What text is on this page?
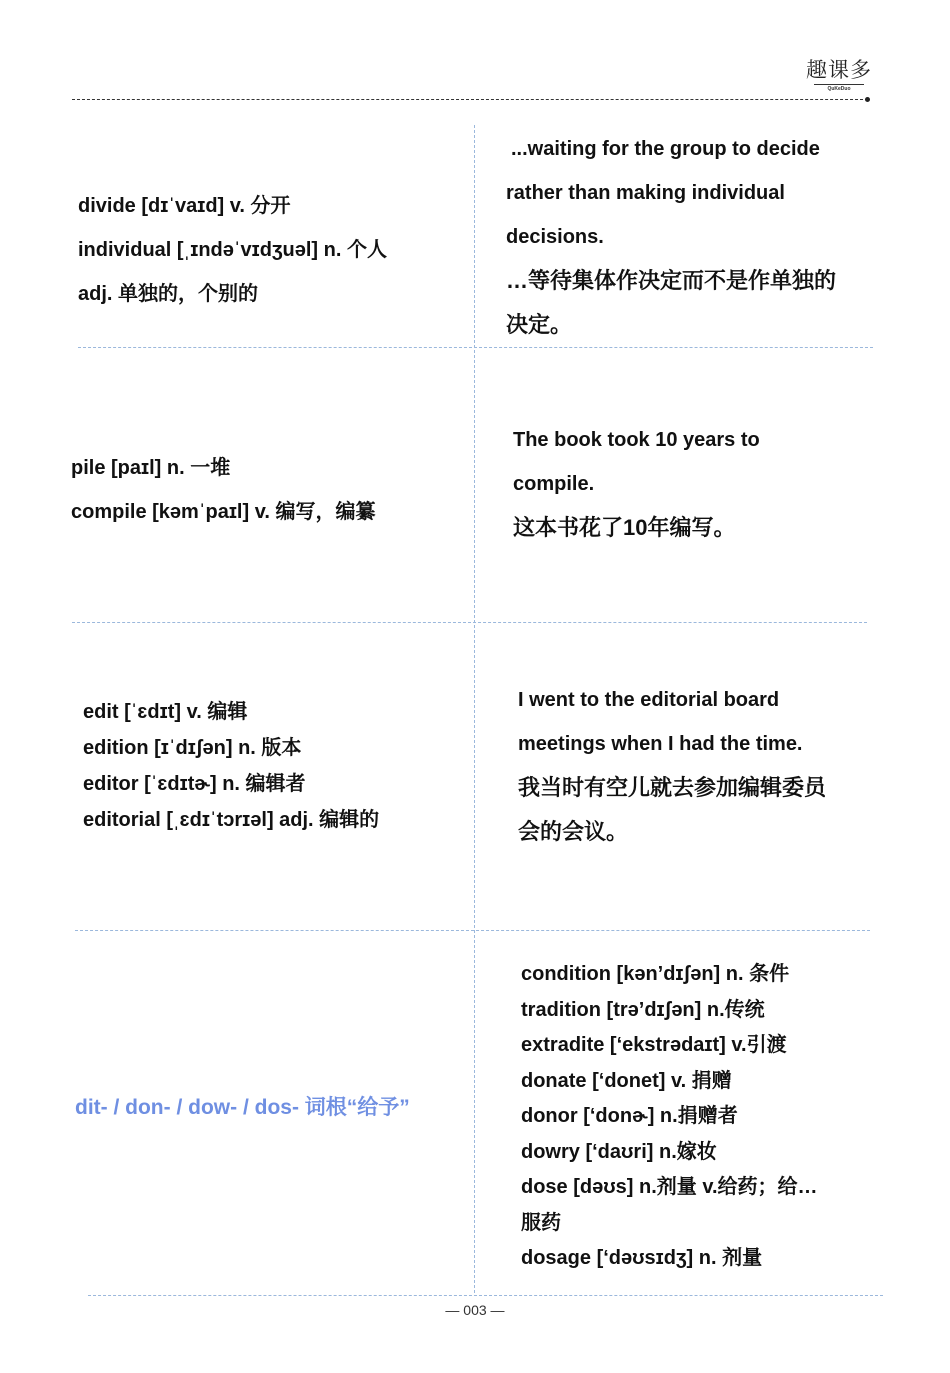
趣课多
QuKeDuo
divide [dɪˈvaɪd] v. 分开
individual [ˌɪndəˈvɪdʒuəl] n. 个人
adj. 单独的，个别的
...waiting for the group to decide
rather than making individual
decisions.
…等待集体作决定而不是作单独的
决定。
pile [paɪl] n. 一堆
compile [kəmˈpaɪl] v. 编写，编纂
The book took 10 years to
compile.
这本书花了10年编写。
edit [ˈɛdɪt] v. 编辑
edition [ɪˈdɪʃən] n. 版本
editor [ˈɛdɪtɚ] n. 编辑者
editorial [ˌɛdɪˈtɔrɪəl] adj. 编辑的
I went to the editorial board
meetings when I had the time.
我当时有空儿就去参加编辑委员
会的会议。
dit- / don- / dow- / dos- 词根“给予”
condition [kən’dɪʃən] n. 条件
tradition [trə’dɪʃən] n.传统
extradite [‘ekstrədaɪt] v.引渡
donate [‘donet] v. 捐赠
donor [‘donɚ] n.捐赠者
dowry [‘daʊri] n.嫁妆
dose [dəʊs] n.剂量 v.给药；给…
服药
dosage [‘dəʊsɪdʒ] n. 剂量
— 003 —
